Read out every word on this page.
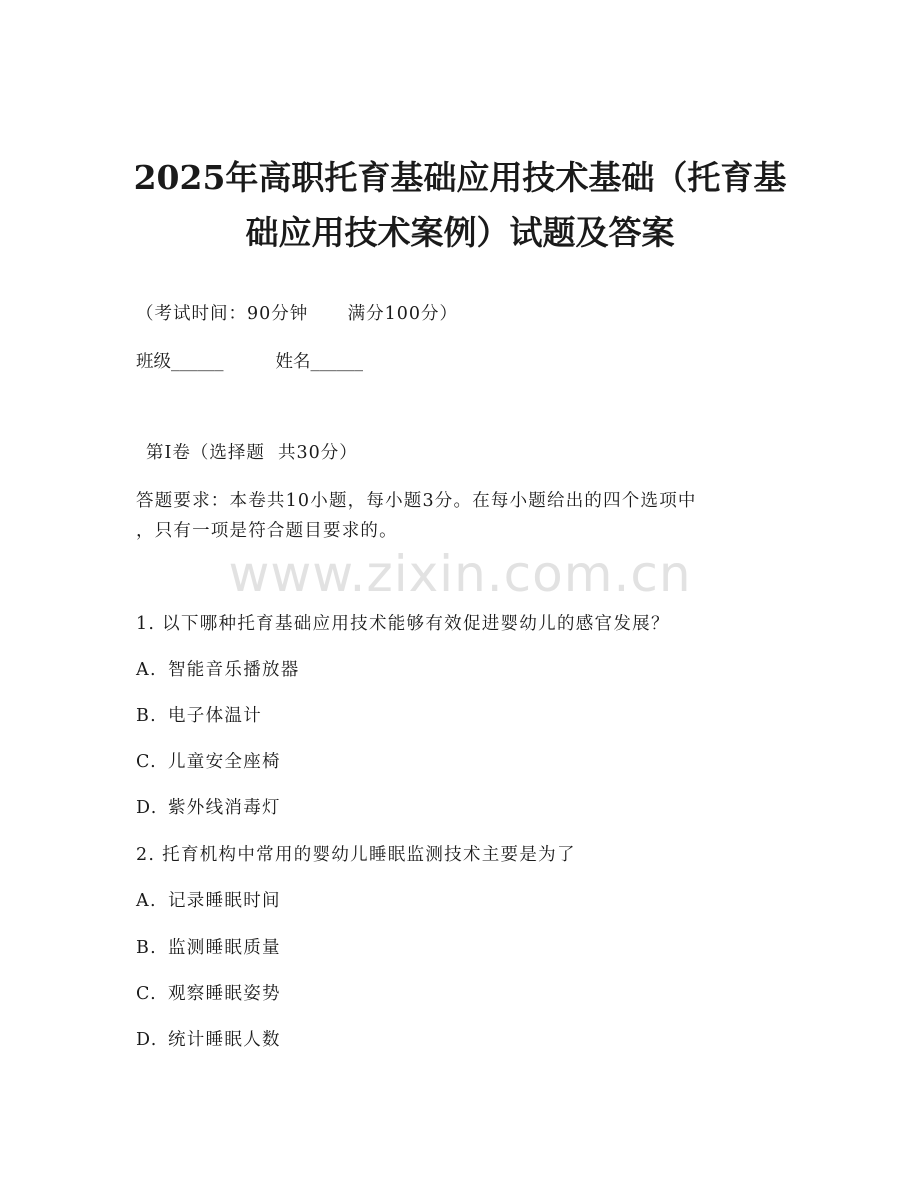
www.zixin.com.cn
2025年高职托育基础应用技术基础（托育基
础应用技术案例）试题及答案
（考试时间：90分钟      满分100分）
班级______	姓名______
第I卷（选择题  共30分）
答题要求：本卷共10小题，每小题3分。在每小题给出的四个选项中
，只有一项是符合题目要求的。
1. 以下哪种托育基础应用技术能够有效促进婴幼儿的感官发展？
A. 智能音乐播放器
B. 电子体温计
C. 儿童安全座椅
D. 紫外线消毒灯
2. 托育机构中常用的婴幼儿睡眠监测技术主要是为了
A. 记录睡眠时间
B. 监测睡眠质量
C. 观察睡眠姿势
D. 统计睡眠人数
